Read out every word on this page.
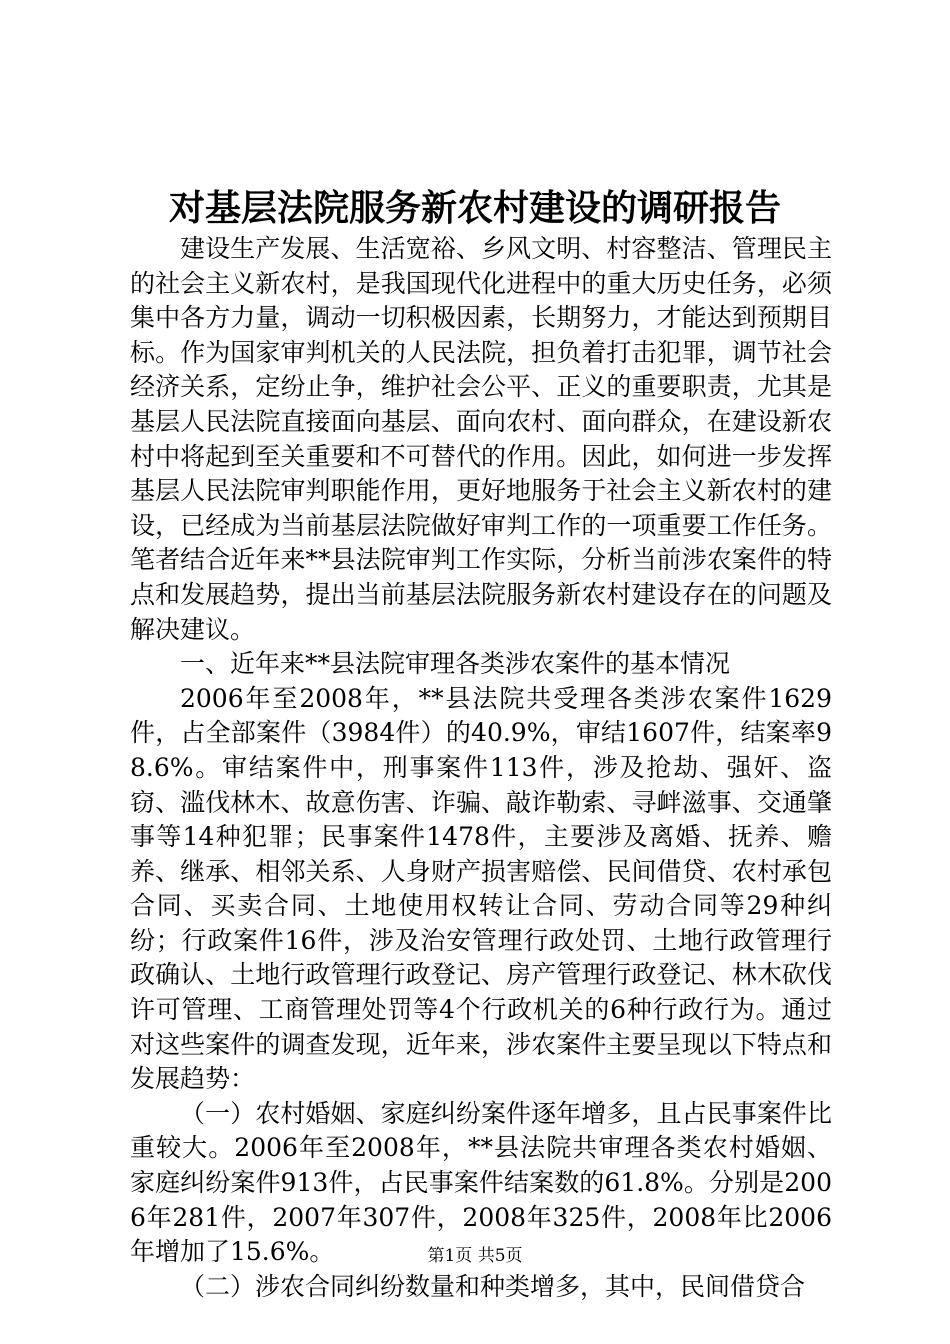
对基层法院服务新农村建设的调研报告

建设生产发展、生活宽裕、乡风文明、村容整洁、管理民主的社会主义新农村，是我国现代化进程中的重大历史任务，必须集中各方力量，调动一切积极因素，长期努力，才能达到预期目标。作为国家审判机关的人民法院，担负着打击犯罪，调节社会经济关系，定纷止争，维护社会公平、正义的重要职责，尤其是基层人民法院直接面向基层、面向农村、面向群众，在建设新农村中将起到至关重要和不可替代的作用。因此，如何进一步发挥基层人民法院审判职能作用，更好地服务于社会主义新农村的建设，已经成为当前基层法院做好审判工作的一项重要工作任务。笔者结合近年来**县法院审判工作实际，分析当前涉农案件的特点和发展趋势，提出当前基层法院服务新农村建设存在的问题及解决建议。

一、近年来**县法院审理各类涉农案件的基本情况

2006年至2008年，**县法院共受理各类涉农案件1629件，占全部案件（3984件）的40.9%，审结1607件，结案率98.6%。审结案件中，刑事案件113件，涉及抢劫、强奸、盗窃、滥伐林木、故意伤害、诈骗、敲诈勒索、寻衅滋事、交通肇事等14种犯罪；民事案件1478件，主要涉及离婚、抚养、赡养、继承、相邻关系、人身财产损害赔偿、民间借贷、农村承包合同、买卖合同、土地使用权转让合同、劳动合同等29种纠纷；行政案件16件，涉及治安管理行政处罚、土地行政管理行政确认、土地行政管理行政登记、房产管理行政登记、林木砍伐许可管理、工商管理处罚等4个行政机关的6种行政行为。通过对这些案件的调查发现，近年来，涉农案件主要呈现以下特点和发展趋势：

（一）农村婚姻、家庭纠纷案件逐年增多，且占民事案件比重较大。2006年至2008年，**县法院共审理各类农村婚姻、家庭纠纷案件913件，占民事案件结案数的61.8%。分别是2006年281件，2007年307件，2008年325件，2008年比2006年增加了15.6%。

（二）涉农合同纠纷数量和种类增多，其中，民间借贷合

第1页 共5页
